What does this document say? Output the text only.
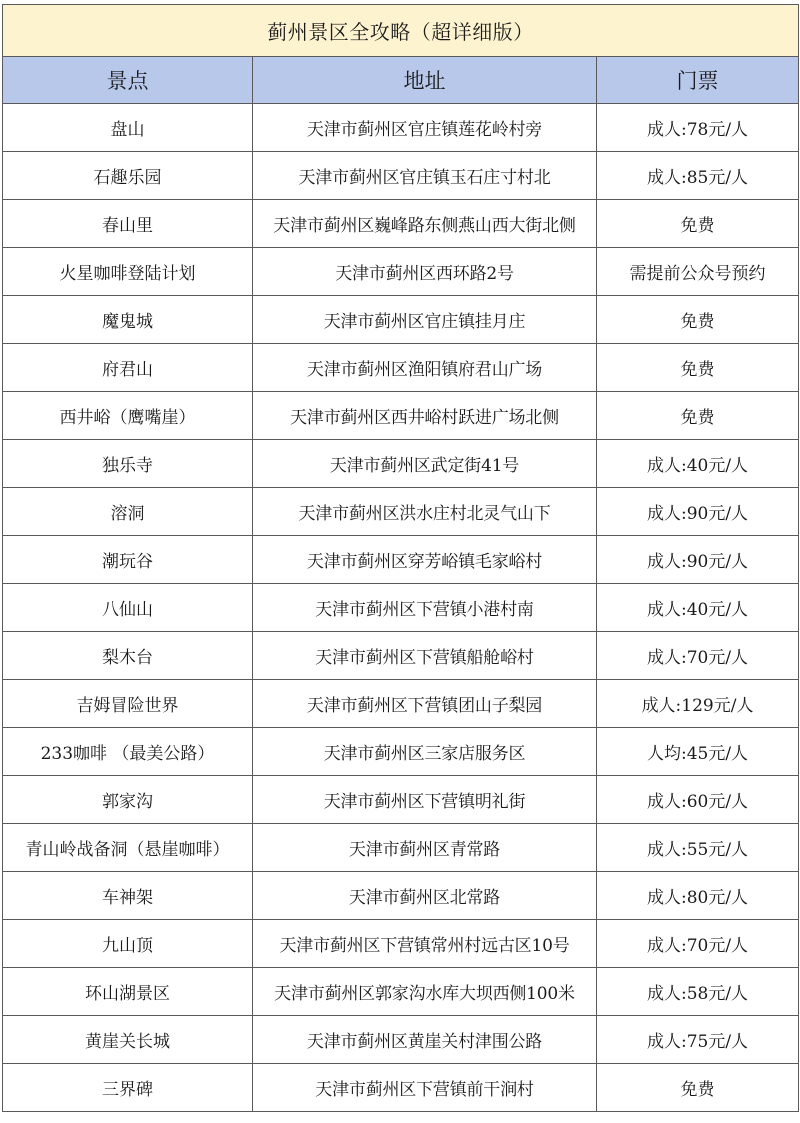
蓟州景区全攻略（超详细版）		
景点	地址	门票
盘山	天津市蓟州区官庄镇莲花岭村旁	成人:78元/人
石趣乐园	天津市蓟州区官庄镇玉石庄寸村北	成人:85元/人
春山里	天津市蓟州区巍峰路东侧燕山西大街北侧	免费
火星咖啡登陆计划	天津市蓟州区西环路2号	需提前公众号预约
魔鬼城	天津市蓟州区官庄镇挂月庄	免费
府君山	天津市蓟州区渔阳镇府君山广场	免费
西井峪（鹰嘴崖）	天津市蓟州区西井峪村跃进广场北侧	免费
独乐寺	天津市蓟州区武定街41号	成人:40元/人
溶洞	天津市蓟州区洪水庄村北灵气山下	成人:90元/人
潮玩谷	天津市蓟州区穿芳峪镇毛家峪村	成人:90元/人
八仙山	天津市蓟州区下营镇小港村南	成人:40元/人
梨木台	天津市蓟州区下营镇船舱峪村	成人:70元/人
吉姆冒险世界	天津市蓟州区下营镇团山子梨园	成人:129元/人
233咖啡 （最美公路）	天津市蓟州区三家店服务区	人均:45元/人
郭家沟	天津市蓟州区下营镇明礼街	成人:60元/人
青山岭战备洞（悬崖咖啡）	天津市蓟州区青常路	成人:55元/人
车神架	天津市蓟州区北常路	成人:80元/人
九山顶	天津市蓟州区下营镇常州村远古区10号	成人:70元/人
环山湖景区	天津市蓟州区郭家沟水库大坝西侧100米	成人:58元/人
黄崖关长城	天津市蓟州区黄崖关村津围公路	成人:75元/人
三界碑	天津市蓟州区下营镇前干涧村	免费
